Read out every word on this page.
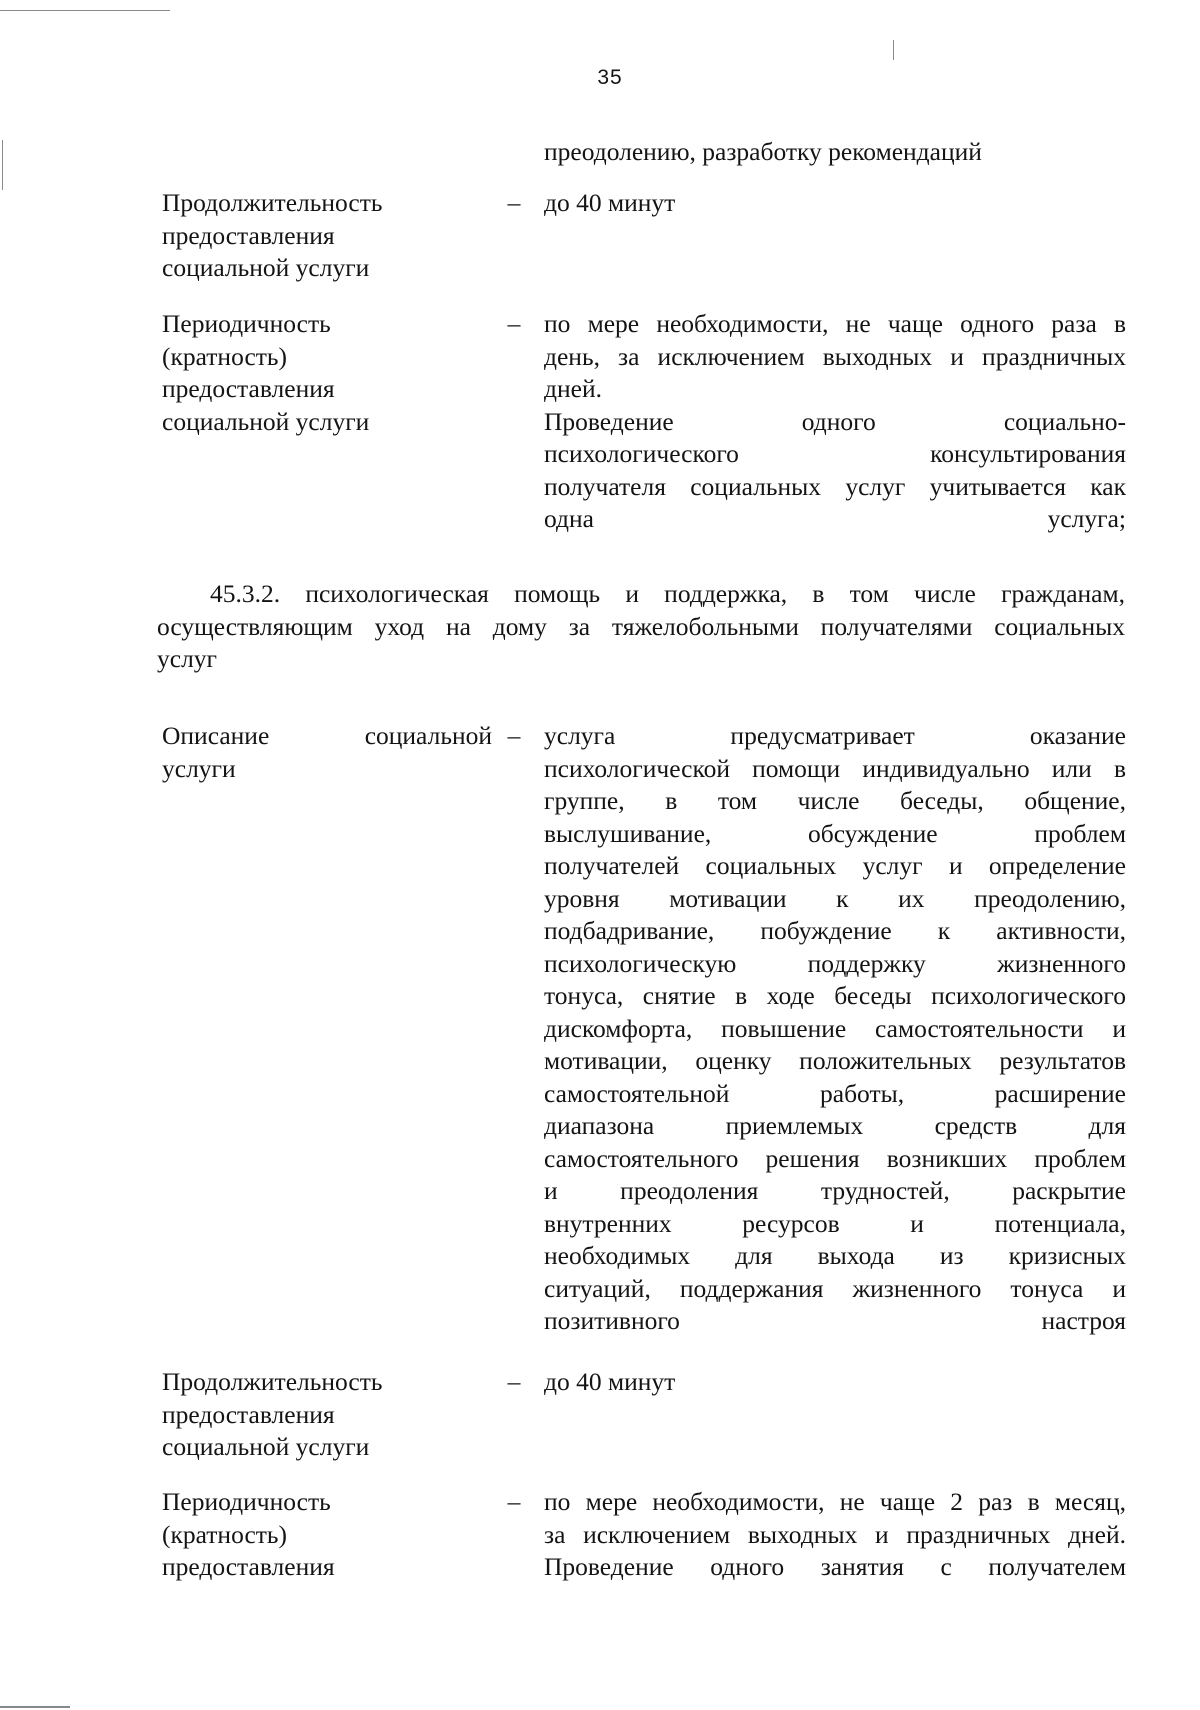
35
преодолению, разработку рекомендаций
Продолжительность
предоставления
социальной услуги
– до 40 минут
Периодичность
(кратность)
предоставления
социальной услуги
– по мере необходимости, не чаще одного раза в

день, за исключением выходных и праздничных

дней.

Проведение одного социально-

психологического консультирования

получателя социальных услуг учитывается как

одна услуга;

45.3.2. психологическая помощь и поддержка, в том числе гражданам,

осуществляющим уход на дому за тяжелобольными получателями социальных

услуг

Описание социальной
услуги
– услуга предусматривает оказание

психологической помощи индивидуально или в

группе, в том числе беседы, общение,

выслушивание, обсуждение проблем

получателей социальных услуг и определение

уровня мотивации к их преодолению,

подбадривание, побуждение к активности,

психологическую поддержку жизненного

тонуса, снятие в ходе беседы психологического

дискомфорта, повышение самостоятельности и

мотивации, оценку положительных результатов

самостоятельной работы, расширение

диапазона приемлемых средств для

самостоятельного решения возникших проблем

и преодоления трудностей, раскрытие

внутренних ресурсов и потенциала,

необходимых для выхода из кризисных

ситуаций, поддержания жизненного тонуса и

позитивного настроя

Продолжительность
предоставления
социальной услуги
– до 40 минут
Периодичность
(кратность)
предоставления
– по мере необходимости, не чаще 2 раз в месяц,

за исключением выходных и праздничных дней.

Проведение одного занятия с получателем
